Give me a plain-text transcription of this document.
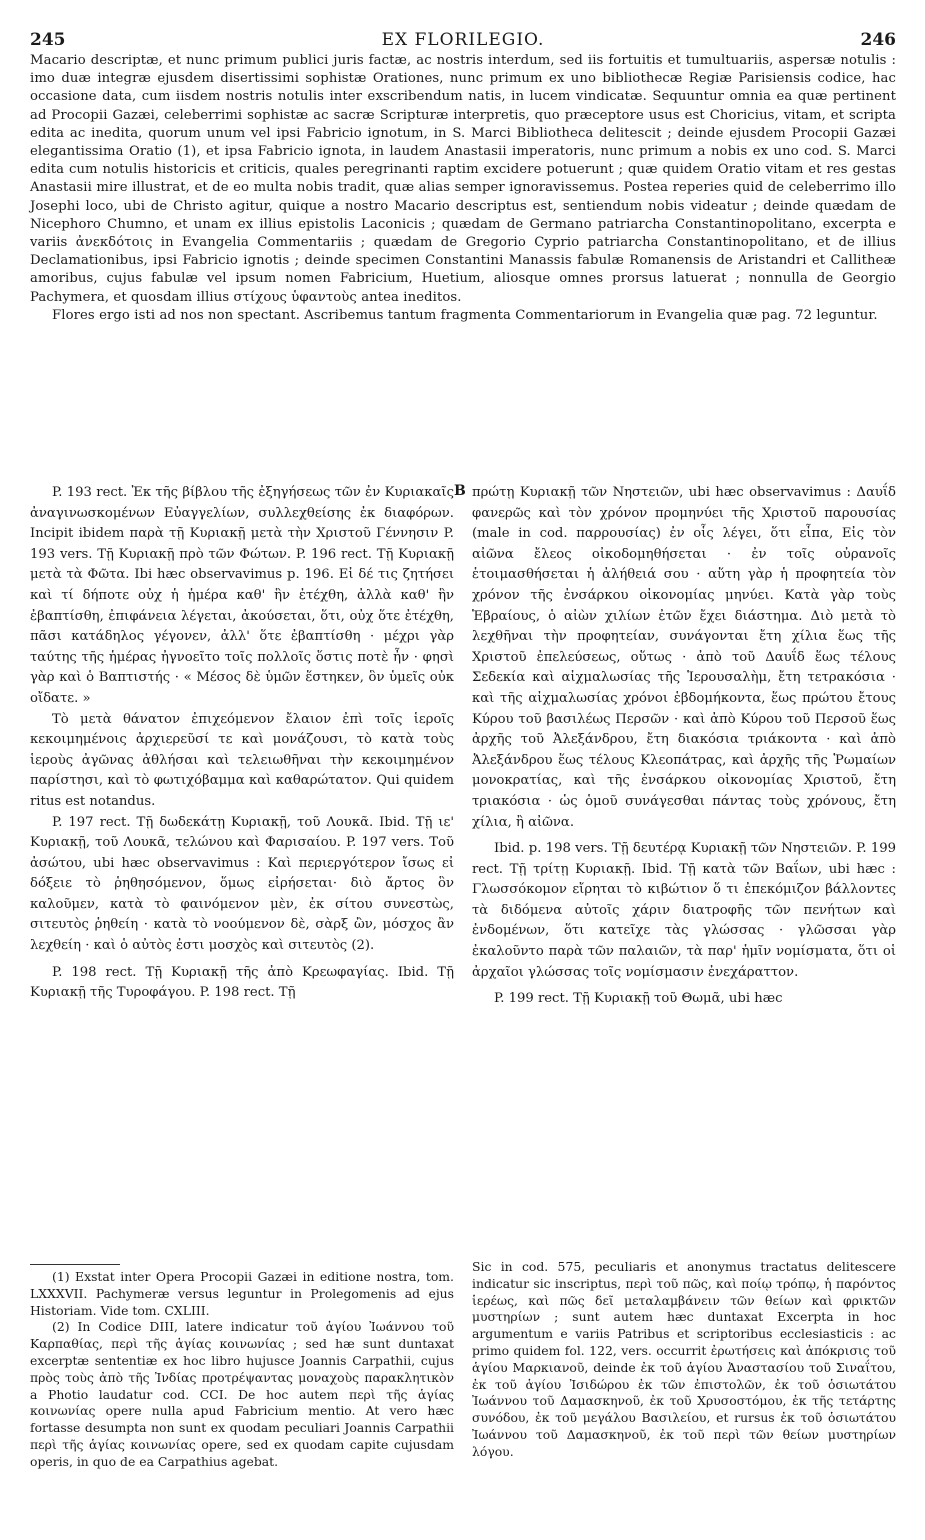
245	EX FLORILEGIO.	246

Macario descriptæ, et nunc primum publici juris factæ, ac nostris interdum, sed iis fortuitis et tumultuariis, aspersæ notulis : imo duæ integræ ejusdem disertissimi sophistæ Orationes, nunc primum ex uno bibliothecæ Regiæ Parisiensis codice, hac occasione data, cum iisdem nostris notulis inter exscribendum natis, in lucem vindicatæ. Sequuntur omnia ea quæ pertinent ad Procopii Gazæi, celeberrimi sophistæ ac sacræ Scripturæ interpretis, quo præceptore usus est Choricius, vitam, et scripta edita ac inedita, quorum unum vel ipsi Fabricio ignotum, in S. Marci Bibliotheca delitescit ; deinde ejusdem Procopii Gazæi elegantissima Oratio (1), et ipsa Fabricio ignota, in laudem Anastasii imperatoris, nunc primum a nobis ex uno cod. S. Marci edita cum notulis historicis et criticis, quales peregrinanti raptim excidere potuerunt ; quæ quidem Oratio vitam et res gestas Anastasii mire illustrat, et de eo multa nobis tradit, quæ alias semper ignoravissemus. Postea reperies quid de celeberrimo illo Josephi loco, ubi de Christo agitur, quique a nostro Macario descriptus est, sentiendum nobis videatur ; deinde quædam de Nicephoro Chumno, et unam ex illius epistolis Laconicis ; quædam de Germano patriarcha Constantinopolitano, excerpta e variis ἀνεκδότοις in Evangelia Commentariis ; quædam de Gregorio Cyprio patriarcha Constantinopolitano, et de illius Declamationibus, ipsi Fabricio ignotis ; deinde specimen Constantini Manassis fabulæ Romanensis de Aristandri et Callitheæ amoribus, cujus fabulæ vel ipsum nomen Fabricium, Huetium, aliosque omnes prorsus latuerat ; nonnulla de Georgio Pachymera, et quosdam illius στίχους ὑφαντοὺς antea ineditos.

Flores ergo isti ad nos non spectant. Ascribemus tantum fragmenta Commentariorum in Evangelia quæ pag. 72 leguntur.

P. 193 rect. Ἐκ τῆς βίβλου τῆς ἐξηγήσεως τῶν ἐν Κυριακαῖς ἀναγινωσκομένων Εὐαγγελίων, συλλεχθείσης ἐκ διαφόρων. Incipit ibidem παρὰ τῇ Κυριακῇ μετὰ τὴν Χριστοῦ Γέννησιν P. 193 vers. Τῇ Κυριακῇ πρὸ τῶν Φώτων. P. 196 rect. Τῇ Κυριακῇ μετὰ τὰ Φῶτα. Ibi hæc observavimus p. 196. Εἰ δέ τις ζητήσει καὶ τί δήποτε οὐχ ἡ ἡμέρα καθ' ἣν ἐτέχθη, ἀλλὰ καθ' ἣν ἐβαπτίσθη, ἐπιφάνεια λέγεται, ἀκούσεται, ὅτι, οὐχ ὅτε ἐτέχθη, πᾶσι κατάδηλος γέγονεν, ἀλλ' ὅτε ἐβαπτίσθη · μέχρι γὰρ ταύτης τῆς ἡμέρας ἠγνοεῖτο τοῖς πολλοῖς ὅστις ποτὲ ἦν · φησὶ γὰρ καὶ ὁ Βαπτιστής · « Μέσος δὲ ὑμῶν ἕστηκεν, ὃν ὑμεῖς οὐκ οἴδατε. »

Τὸ μετὰ θάνατον ἐπιχεόμενον ἔλαιον ἐπὶ τοῖς ἱεροῖς κεκοιμημένοις ἀρχιερεῦσί τε καὶ μονάζουσι, τὸ κατὰ τοὺς ἱεροὺς ἀγῶνας ἀθλήσαι καὶ τελειωθῆναι τὴν κεκοιμημένον παρίστησι, καὶ τὸ φωτιχόβαμμα καὶ καθαρώτατον. Qui quidem ritus est notandus.

P. 197 rect. Τῇ δωδεκάτῃ Κυριακῇ, τοῦ Λουκᾶ. Ibid. Τῇ ιε' Κυριακῇ, τοῦ Λουκᾶ, τελώνου καὶ Φαρισαίου. P. 197 vers. Τοῦ ἀσώτου, ubi hæc observavimus : Καὶ περιεργότερον ἴσως εἰ δόξειε τὸ ῥηθησόμενον, ὅμως εἰρήσεται· διὸ ἄρτος ὃν καλοῦμεν, κατὰ τὸ φαινόμενον μὲν, ἐκ σίτου συνεστὼς, σιτευτὸς ῥηθείη · κατὰ τὸ νοούμενον δὲ, σὰρξ ὢν, μόσχος ἂν λεχθείη · καὶ ὁ αὐτὸς ἐστι μοσχὸς καὶ σιτευτὸς (2).

P. 198 rect. Τῇ Κυριακῇ τῆς ἀπὸ Κρεωφαγίας. Ibid. Τῇ Κυριακῇ τῆς Τυροφάγου. P. 198 rect. Τῇ

B πρώτῃ Κυριακῇ τῶν Νηστειῶν, ubi hæc observavimus : Δαυΐδ φανερῶς καὶ τὸν χρόνον προμηνύει τῆς Χριστοῦ παρουσίας (male in cod. παρρουσίας) ἐν οἷς λέγει, ὅτι εἶπα, Εἰς τὸν αἰῶνα ἔλεος οἰκοδομηθήσεται · ἐν τοῖς οὐρανοῖς ἑτοιμασθήσεται ἡ ἀλήθειά σου · αὕτη γὰρ ἡ προφητεία τὸν χρόνον τῆς ἐνσάρκου οἰκονομίας μηνύει. Κατὰ γὰρ τοὺς Ἑβραίους, ὁ αἰὼν χιλίων ἐτῶν ἔχει διάστημα. Διὸ μετὰ τὸ λεχθῆναι τὴν προφητείαν, συνάγονται ἔτη χίλια ἕως τῆς Χριστοῦ ἐπελεύσεως, οὕτως · ἀπὸ τοῦ Δαυΐδ ἕως τέλους Σεδεκία καὶ αἰχμαλωσίας τῆς Ἱερουσαλὴμ, ἔτη τετρακόσια · καὶ τῆς αἰχμαλωσίας χρόνοι ἑβδομήκοντα, ἕως πρώτου ἔτους Κύρου τοῦ βασιλέως Περσῶν · καὶ ἀπὸ Κύρου τοῦ Περσοῦ ἕως ἀρχῆς τοῦ Ἀλεξάνδρου, ἔτη διακόσια τριάκοντα · καὶ ἀπὸ Ἀλεξάνδρου ἕως τέλους Κλεοπάτρας, καὶ ἀρχῆς τῆς Ῥωμαίων μονοκρατίας, καὶ τῆς ἐνσάρκου οἰκονομίας Χριστοῦ, ἔτη τριακόσια · ὡς ὁμοῦ συνάγεσθαι πάντας τοὺς χρόνους, ἔτη χίλια, ἢ αἰῶνα.

Ibid. p. 198 vers. Τῇ δευτέρᾳ Κυριακῇ τῶν Νηστειῶν. P. 199 rect. Τῇ τρίτῃ Κυριακῇ. Ibid. Τῇ κατὰ τῶν Βαΐων, ubi hæc : Γλωσσόκομον εἴρηται τὸ κιβώτιον ὅ τι ἐπεκόμιζον βάλλοντες τὰ διδόμενα αὐτοῖς χάριν διατροφῆς τῶν πενήτων καὶ ἐνδομένων, ὅτι κατεῖχε τὰς γλώσσας · γλῶσσαι γὰρ ἐκαλοῦντο παρὰ τῶν παλαιῶν, τὰ παρ' ἡμῖν νομίσματα, ὅτι οἱ ἀρχαῖοι γλώσσας τοῖς νομίσμασιν ἐνεχάραττον.

P. 199 rect. Τῇ Κυριακῇ τοῦ Θωμᾶ, ubi hæc

(1) Exstat inter Opera Procopii Gazæi in editione nostra, tom. LXXXVII. Pachymeræ versus leguntur in Prolegomenis ad ejus Historiam. Vide tom. CXLIII.

(2) In Codice DIII, latere indicatur τοῦ ἁγίου Ἰωάννου τοῦ Καρπαθίας, περὶ τῆς ἁγίας κοινωνίας ; sed hæ sunt duntaxat excerptæ sententiæ ex hoc libro hujusce Joannis Carpathii, cujus πρὸς τοὺς ἀπὸ τῆς Ἰνδίας προτρέψαντας μοναχοὺς παρακλητικὸν a Photio laudatur cod. CCI. De hoc autem περὶ τῆς ἁγίας κοινωνίας opere nulla apud Fabricium mentio. At vero hæc fortasse desumpta non sunt ex quodam peculiari Joannis Carpathii περὶ τῆς ἁγίας κοινωνίας opere, sed ex quodam capite cujusdam operis, in quo de ea Carpathius agebat.

Sic in cod. 575, peculiaris et anonymus tractatus delitescere indicatur sic inscriptus, περὶ τοῦ πῶς, καὶ ποίῳ τρόπῳ, ἡ παρόντος ἱερέως, καὶ πῶς δεῖ μεταλαμβάνειν τῶν θείων καὶ φρικτῶν μυστηρίων ; sunt autem hæc duntaxat Excerpta in hoc argumentum e variis Patribus et scriptoribus ecclesiasticis : ac primo quidem fol. 122, vers. occurrit ἐρωτήσεις καὶ ἀπόκρισις τοῦ ἁγίου Μαρκιανοῦ, deinde ἐκ τοῦ ἁγίου Ἀναστασίου τοῦ Σιναΐτου, ἐκ τοῦ ἁγίου Ἰσιδώρου ἐκ τῶν ἐπιστολῶν, ἐκ τοῦ ὁσιωτάτου Ἰωάννου τοῦ Δαμασκηνοῦ, ἐκ τοῦ Χρυσοστόμου, ἐκ τῆς τετάρτης συνόδου, ἐκ τοῦ μεγάλου Βασιλείου, et rursus ἐκ τοῦ ὁσιωτάτου Ἰωάννου τοῦ Δαμασκηνοῦ, ἐκ τοῦ περὶ τῶν θείων μυστηρίων λόγου.
